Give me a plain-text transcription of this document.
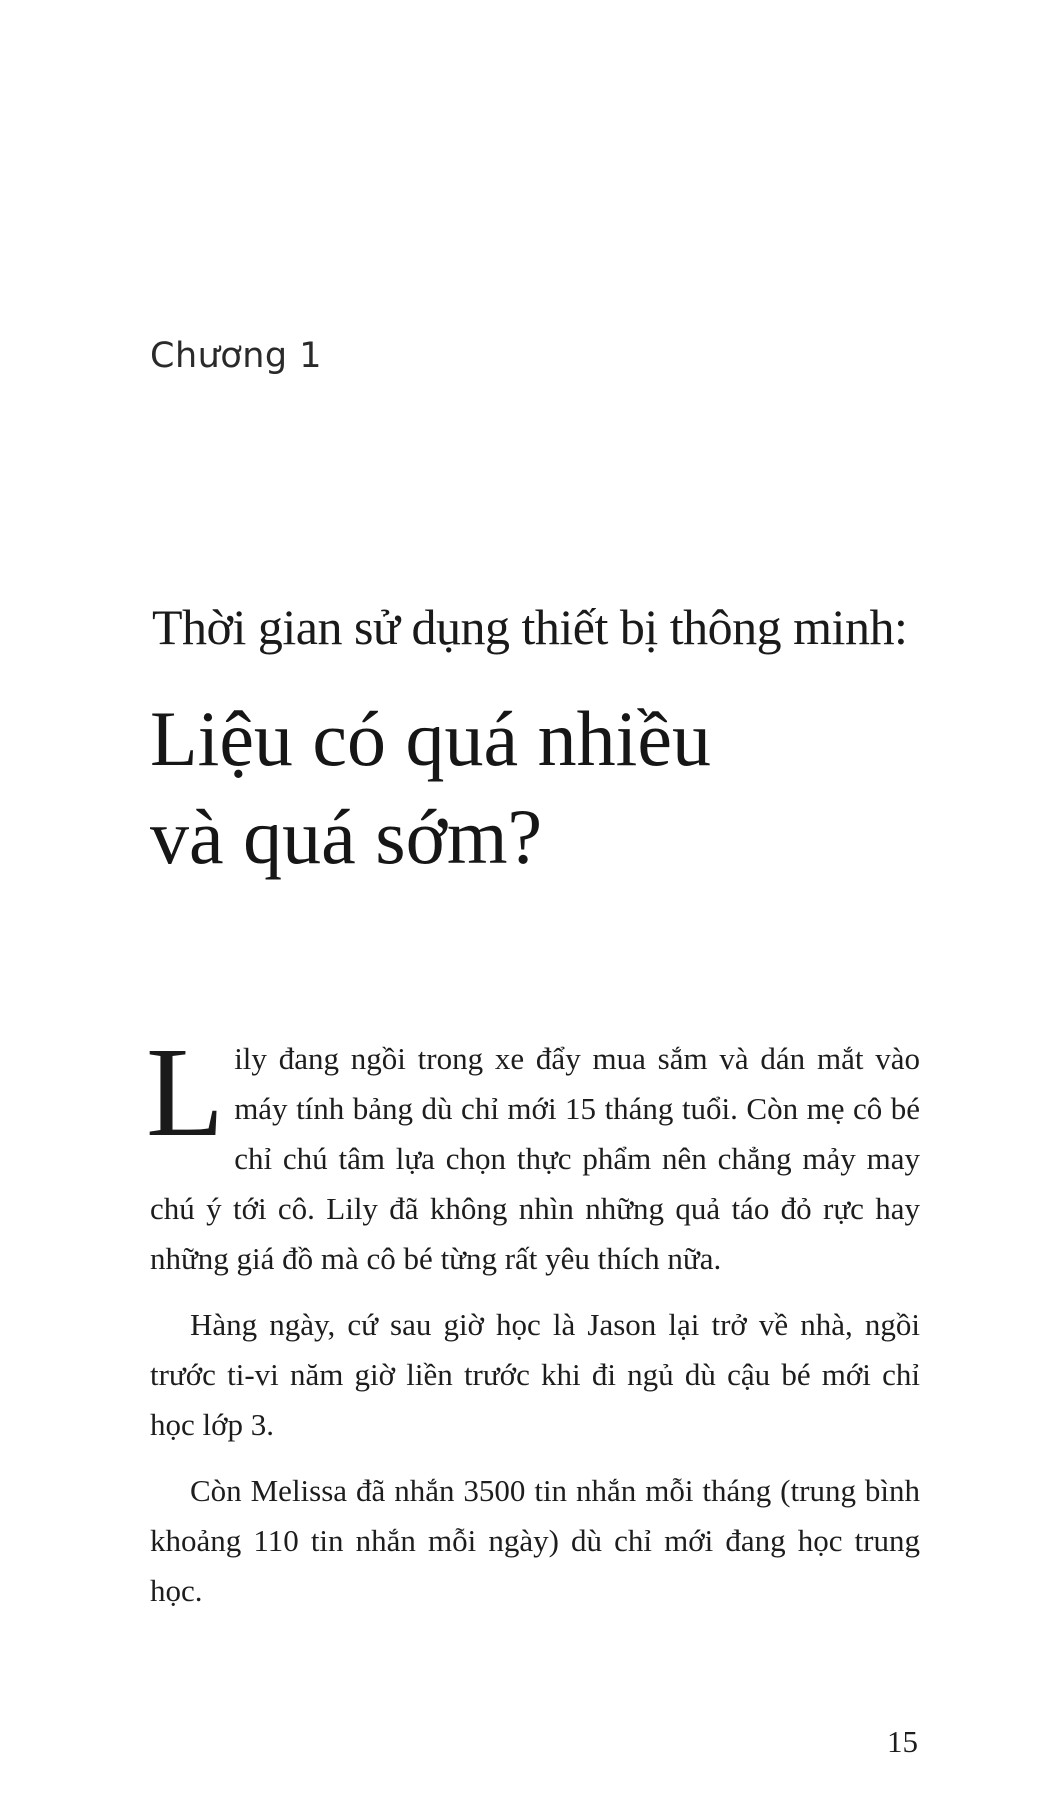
Chương 1
Thời gian sử dụng thiết bị thông minh:
Liệu có quá nhiều
và quá sớm?

Lily đang ngồi trong xe đẩy mua sắm và dán mắt vào máy tính bảng dù chỉ mới 15 tháng tuổi. Còn mẹ cô bé chỉ chú tâm lựa chọn thực phẩm nên chẳng mảy may chú ý tới cô. Lily đã không nhìn những quả táo đỏ rực hay những giá đồ mà cô bé từng rất yêu thích nữa.

Hàng ngày, cứ sau giờ học là Jason lại trở về nhà, ngồi trước ti-vi năm giờ liền trước khi đi ngủ dù cậu bé mới chỉ học lớp 3.

Còn Melissa đã nhắn 3500 tin nhắn mỗi tháng (trung bình khoảng 110 tin nhắn mỗi ngày) dù chỉ mới đang học trung học.

15
